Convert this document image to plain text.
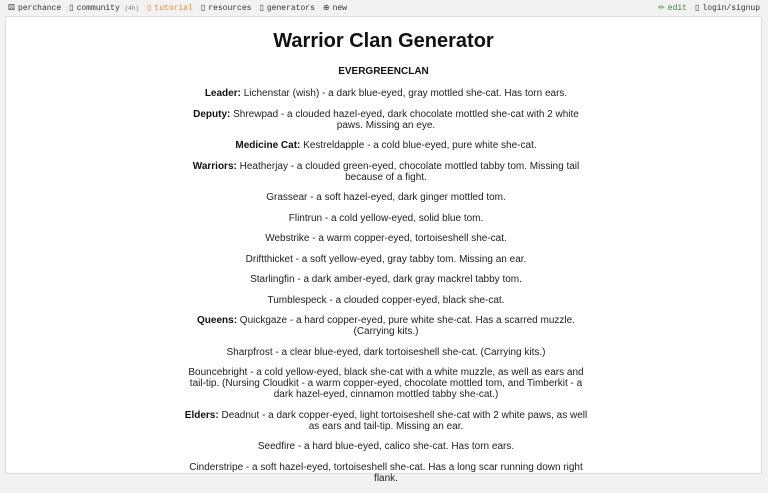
⚄ perchance ▯ community (4h) ▯ tutorial ▯ resources ▯ generators ⊕ new	✏ edit ▯ login/signup
Warrior Clan Generator
EVERGREENCLAN

Leader: Lichenstar (wish) - a dark blue-eyed, gray mottled she-cat. Has torn ears.

Deputy: Shrewpad - a clouded hazel-eyed, dark chocolate mottled she-cat with 2 white paws. Missing an eye.

Medicine Cat: Kestreldapple - a cold blue-eyed, pure white she-cat.

Warriors: Heatherjay - a clouded green-eyed, chocolate mottled tabby tom. Missing tail because of a fight.

Grassear - a soft hazel-eyed, dark ginger mottled tom.

Flintrun - a cold yellow-eyed, solid blue tom.

Webstrike - a warm copper-eyed, tortoiseshell she-cat.

Driftthicket - a soft yellow-eyed, gray tabby tom. Missing an ear.

Starlingfin - a dark amber-eyed, dark gray mackrel tabby tom.

Tumblespeck - a clouded copper-eyed, black she-cat.

Queens: Quickgaze - a hard copper-eyed, pure white she-cat. Has a scarred muzzle.(Carrying kits.)

Sharpfrost - a clear blue-eyed, dark tortoiseshell she-cat. (Carrying kits.)

Bouncebright - a cold yellow-eyed, black she-cat with a white muzzle, as well as ears and tail-tip. (Nursing Cloudkit - a warm copper-eyed, chocolate mottled tom, and Timberkit - a dark hazel-eyed, cinnamon mottled tabby she-cat.)

Elders: Deadnut - a dark copper-eyed, light tortoiseshell she-cat with 2 white paws, as well as ears and tail-tip. Missing an ear.

Seedfire - a hard blue-eyed, calico she-cat. Has torn ears.

Cinderstripe - a soft hazel-eyed, tortoiseshell she-cat. Has a long scar running down right flank.
